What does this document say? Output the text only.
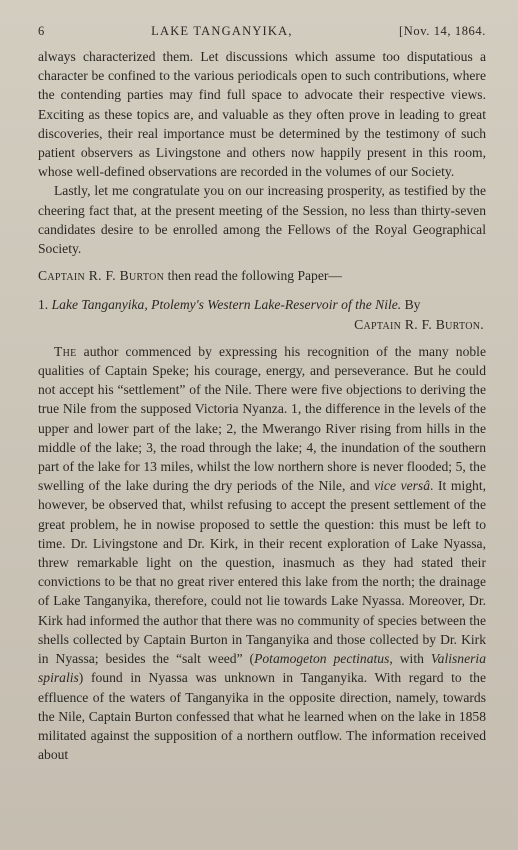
6	LAKE TANGANYIKA,	[Nov. 14, 1864.

always characterized them. Let discussions which assume too disputatious a character be confined to the various periodicals open to such contributions, where the contending parties may find full space to advocate their respective views. Exciting as these topics are, and valuable as they often prove in leading to great discoveries, their real importance must be determined by the testimony of such patient observers as Livingstone and others now happily present in this room, whose well-defined observations are recorded in the volumes of our Society.

Lastly, let me congratulate you on our increasing prosperity, as testified by the cheering fact that, at the present meeting of the Session, no less than thirty-seven candidates desire to be enrolled among the Fellows of the Royal Geographical Society.

Captain R. F. Burton then read the following Paper—

1. Lake Tanganyika, Ptolemy's Western Lake-Reservoir of the Nile. By

Captain R. F. Burton.

The author commenced by expressing his recognition of the many noble qualities of Captain Speke; his courage, energy, and perseverance. But he could not accept his “settlement” of the Nile. There were five objections to deriving the true Nile from the supposed Victoria Nyanza. 1, the difference in the levels of the upper and lower part of the lake; 2, the Mwerango River rising from hills in the middle of the lake; 3, the road through the lake; 4, the inundation of the southern part of the lake for 13 miles, whilst the low northern shore is never flooded; 5, the swelling of the lake during the dry periods of the Nile, and vice versâ. It might, however, be observed that, whilst refusing to accept the present settlement of the great problem, he in nowise proposed to settle the question: this must be left to time. Dr. Livingstone and Dr. Kirk, in their recent exploration of Lake Nyassa, threw remarkable light on the question, inasmuch as they had stated their convictions to be that no great river entered this lake from the north; the drainage of Lake Tanganyika, therefore, could not lie towards Lake Nyassa. Moreover, Dr. Kirk had informed the author that there was no community of species between the shells collected by Captain Burton in Tanganyika and those collected by Dr. Kirk in Nyassa; besides the “salt weed” (Potamogeton pectinatus, with Valisneria spiralis) found in Nyassa was unknown in Tanganyika. With regard to the effluence of the waters of Tanganyika in the opposite direction, namely, towards the Nile, Captain Burton confessed that what he learned when on the lake in 1858 militated against the supposition of a northern outflow. The information received about
